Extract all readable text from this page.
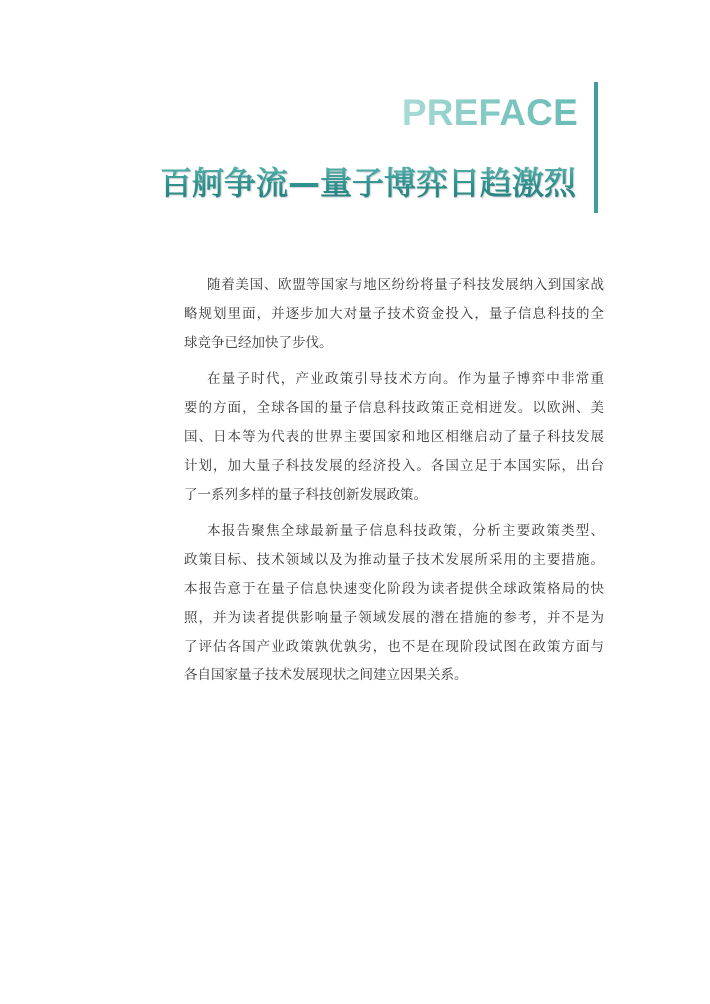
PREFACE
百舸争流—量子博弈日趋激烈
随着美国、欧盟等国家与地区纷纷将量子科技发展纳入到国家战
略规划里面，并逐步加大对量子技术资金投入，量子信息科技的全
球竞争已经加快了步伐。
在量子时代，产业政策引导技术方向。作为量子博弈中非常重
要的方面，全球各国的量子信息科技政策正竞相迸发。以欧洲、美
国、日本等为代表的世界主要国家和地区相继启动了量子科技发展
计划，加大量子科技发展的经济投入。各国立足于本国实际，出台
了一系列多样的量子科技创新发展政策。
本报告聚焦全球最新量子信息科技政策，分析主要政策类型、
政策目标、技术领域以及为推动量子技术发展所采用的主要措施。
本报告意于在量子信息快速变化阶段为读者提供全球政策格局的快
照，并为读者提供影响量子领域发展的潜在措施的参考，并不是为
了评估各国产业政策孰优孰劣，也不是在现阶段试图在政策方面与
各自国家量子技术发展现状之间建立因果关系。
